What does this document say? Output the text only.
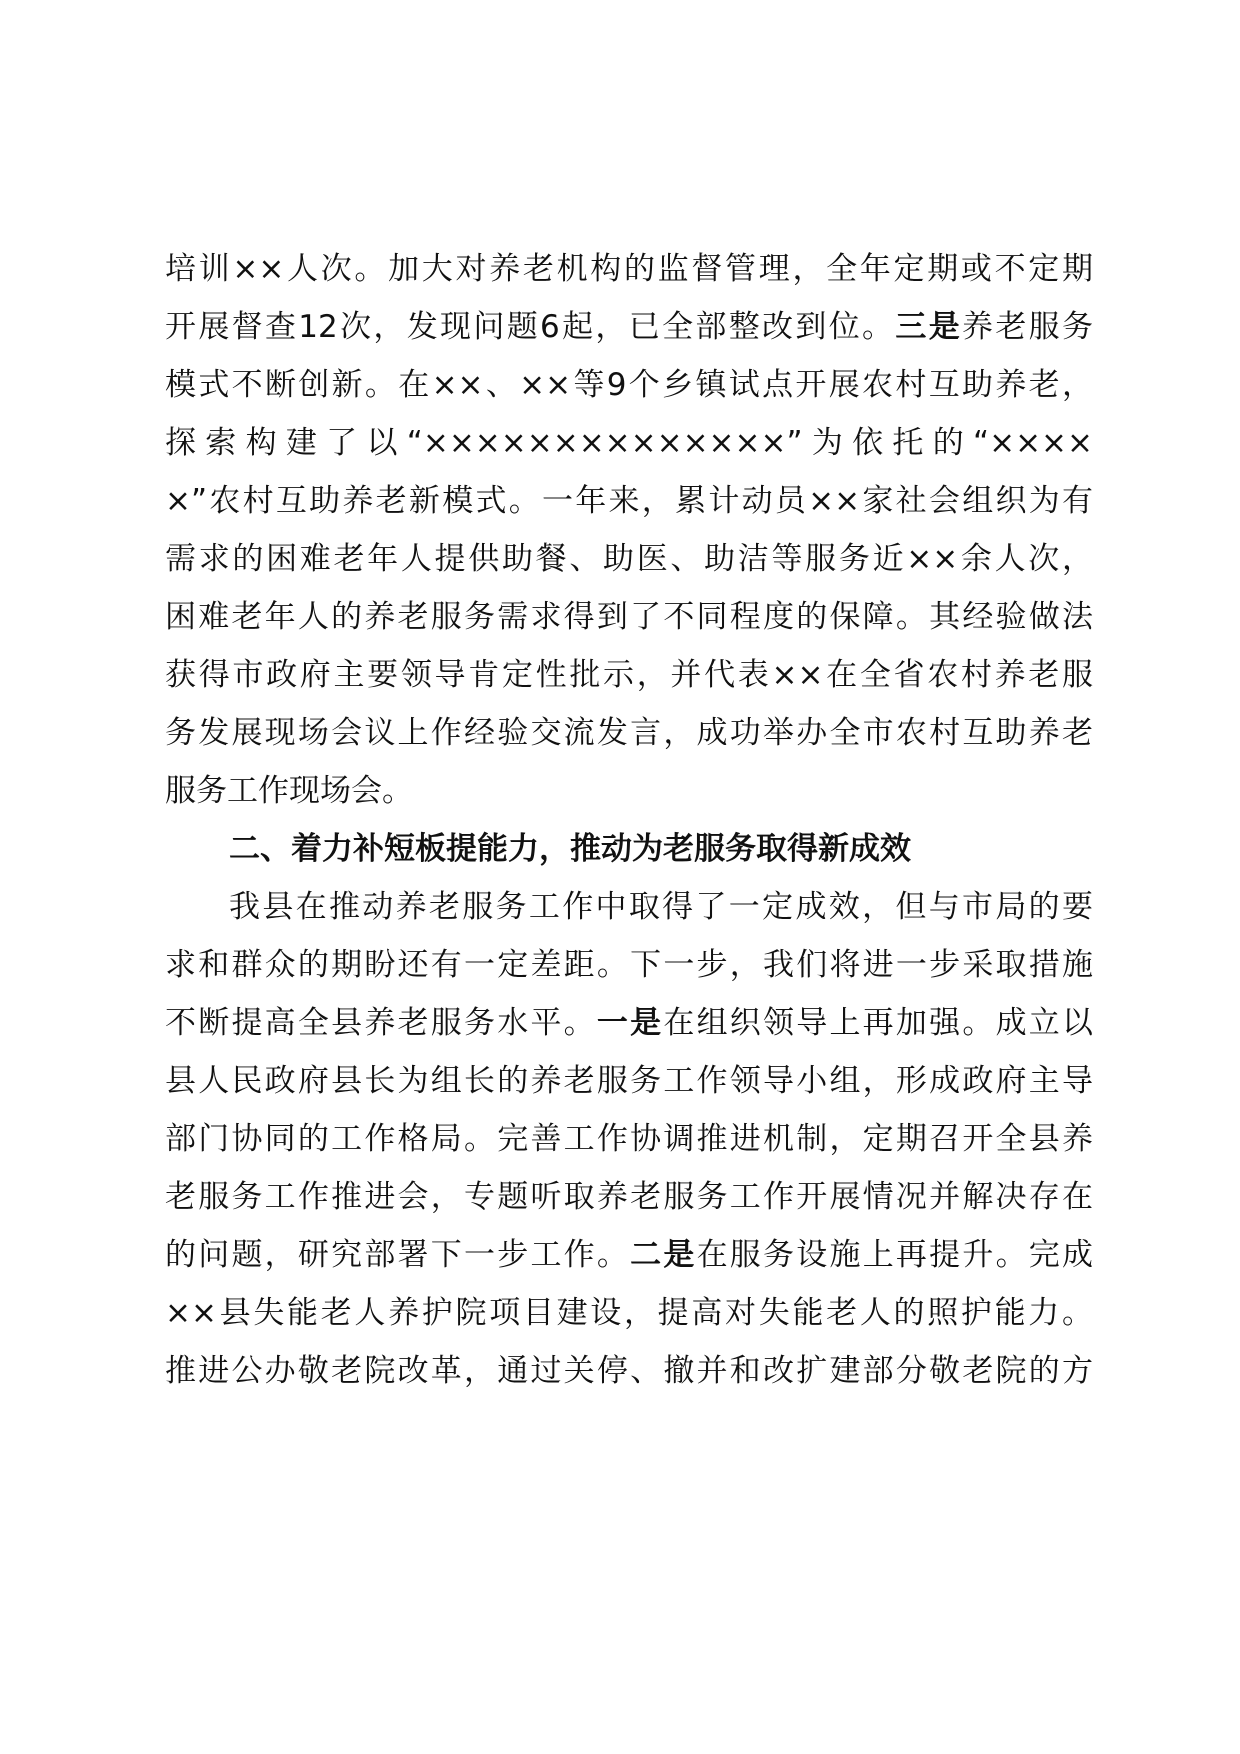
培训××人次。加大对养老机构的监督管理，全年定期或不定期
开展督查12次，发现问题6起，已全部整改到位。三是养老服务
模式不断创新。在××、××等9个乡镇试点开展农村互助养老，
探索构建了以“××××××××××××××”为依托的“××××
×”农村互助养老新模式。一年来，累计动员××家社会组织为有
需求的困难老年人提供助餐、助医、助洁等服务近××余人次，
困难老年人的养老服务需求得到了不同程度的保障。其经验做法
获得市政府主要领导肯定性批示，并代表××在全省农村养老服
务发展现场会议上作经验交流发言，成功举办全市农村互助养老
服务工作现场会。
二、着力补短板提能力，推动为老服务取得新成效
我县在推动养老服务工作中取得了一定成效，但与市局的要
求和群众的期盼还有一定差距。下一步，我们将进一步采取措施
不断提高全县养老服务水平。一是在组织领导上再加强。成立以
县人民政府县长为组长的养老服务工作领导小组，形成政府主导
部门协同的工作格局。完善工作协调推进机制，定期召开全县养
老服务工作推进会，专题听取养老服务工作开展情况并解决存在
的问题，研究部署下一步工作。二是在服务设施上再提升。完成
××县失能老人养护院项目建设，提高对失能老人的照护能力。
推进公办敬老院改革，通过关停、撤并和改扩建部分敬老院的方
